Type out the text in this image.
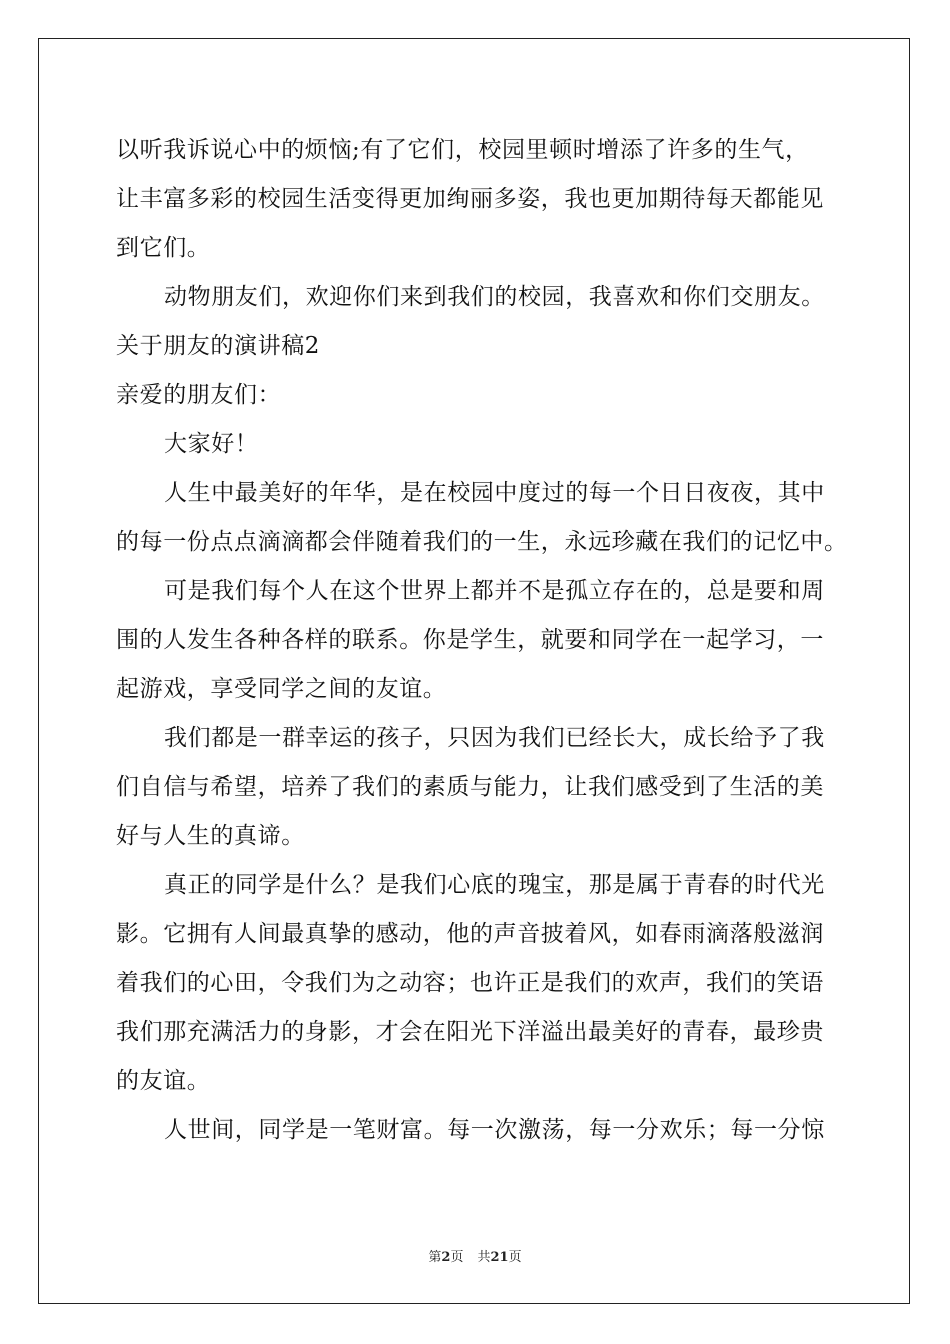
以听我诉说心中的烦恼;有了它们，校园里顿时增添了许多的生气，
让丰富多彩的校园生活变得更加绚丽多姿，我也更加期待每天都能见
到它们。
动物朋友们，欢迎你们来到我们的校园，我喜欢和你们交朋友。
关于朋友的演讲稿2
亲爱的朋友们：
大家好！
人生中最美好的年华，是在校园中度过的每一个日日夜夜，其中
的每一份点点滴滴都会伴随着我们的一生，永远珍藏在我们的记忆中。
可是我们每个人在这个世界上都并不是孤立存在的，总是要和周
围的人发生各种各样的联系。你是学生，就要和同学在一起学习，一
起游戏，享受同学之间的友谊。
我们都是一群幸运的孩子，只因为我们已经长大，成长给予了我
们自信与希望，培养了我们的素质与能力，让我们感受到了生活的美
好与人生的真谛。
真正的同学是什么？是我们心底的瑰宝，那是属于青春的时代光
影。它拥有人间最真挚的感动，他的声音披着风，如春雨滴落般滋润
着我们的心田，令我们为之动容；也许正是我们的欢声，我们的笑语
我们那充满活力的身影，才会在阳光下洋溢出最美好的青春，最珍贵
的友谊。
人世间，同学是一笔财富。每一次激荡，每一分欢乐；每一分惊
第2页 共21页
